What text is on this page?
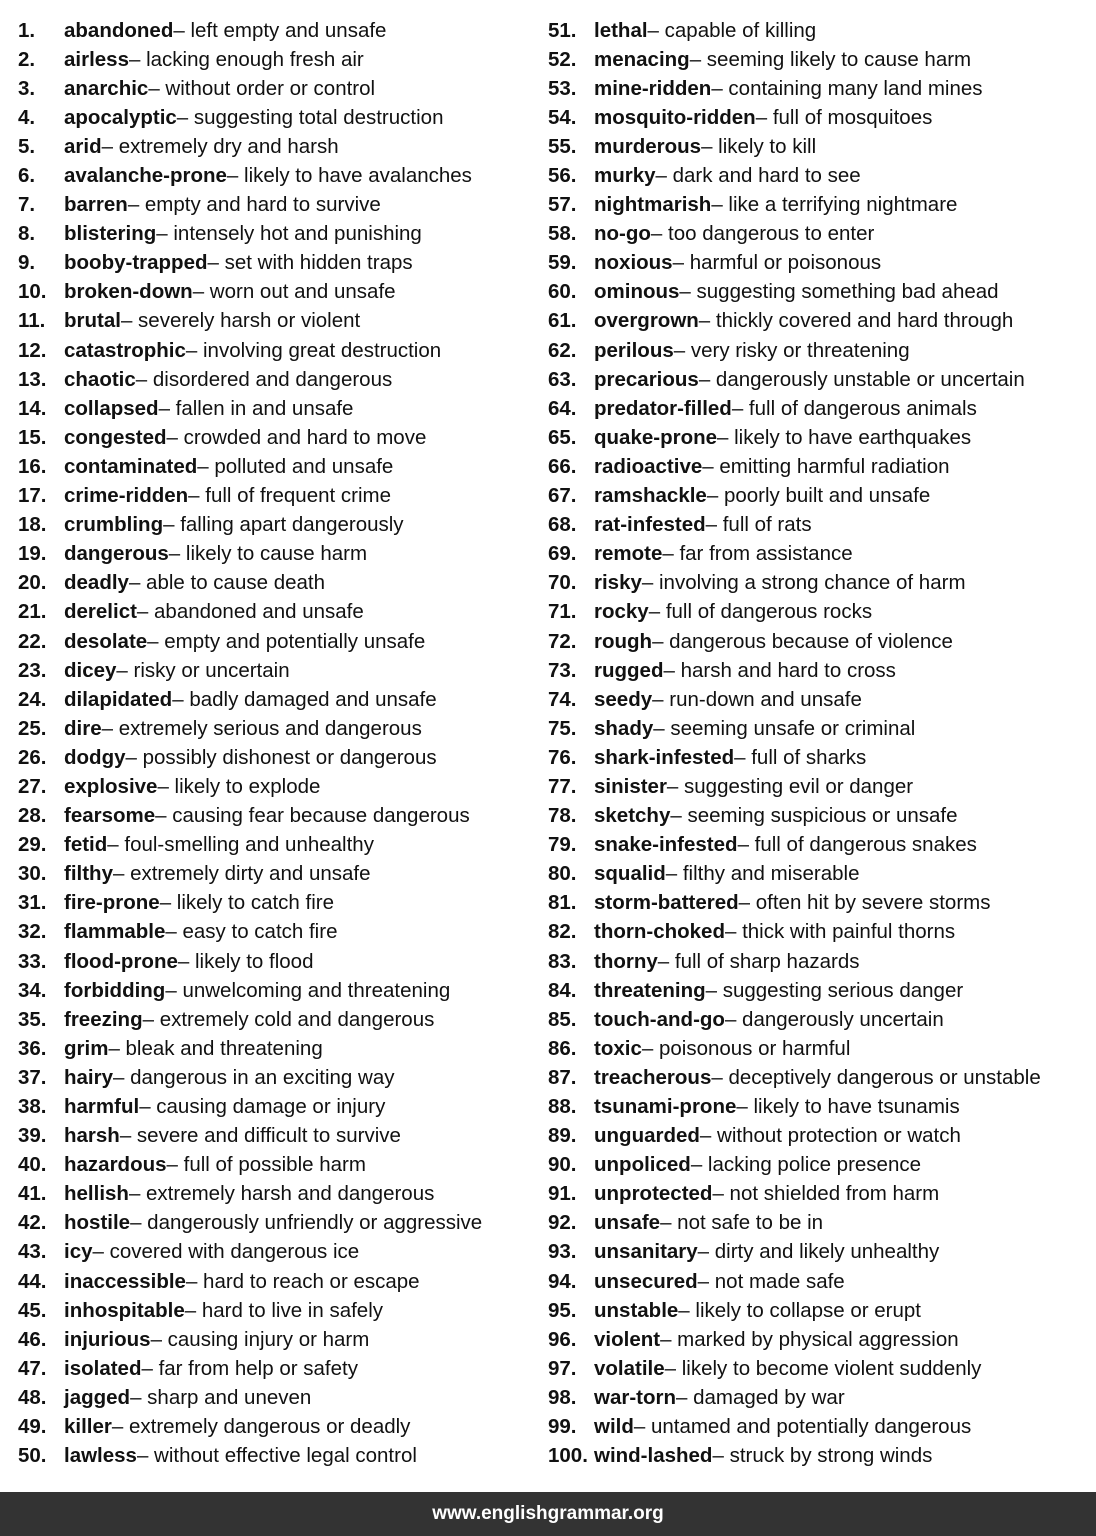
1.	abandoned – left empty and unsafe
2.	airless – lacking enough fresh air
3.	anarchic – without order or control
4.	apocalyptic – suggesting total destruction
5.	arid – extremely dry and harsh
6.	avalanche-prone – likely to have avalanches
7.	barren – empty and hard to survive
8.	blistering – intensely hot and punishing
9.	booby-trapped – set with hidden traps
10. broken-down – worn out and unsafe
11. brutal – severely harsh or violent
12. catastrophic – involving great destruction
13. chaotic – disordered and dangerous
14. collapsed – fallen in and unsafe
15. congested – crowded and hard to move
16. contaminated – polluted and unsafe
17. crime-ridden – full of frequent crime
18. crumbling – falling apart dangerously
19. dangerous – likely to cause harm
20. deadly – able to cause death
21. derelict – abandoned and unsafe
22. desolate – empty and potentially unsafe
23. dicey – risky or uncertain
24. dilapidated – badly damaged and unsafe
25. dire – extremely serious and dangerous
26. dodgy – possibly dishonest or dangerous
27. explosive – likely to explode
28. fearsome – causing fear because dangerous
29. fetid – foul-smelling and unhealthy
30. filthy – extremely dirty and unsafe
31. fire-prone – likely to catch fire
32. flammable – easy to catch fire
33. flood-prone – likely to flood
34. forbidding – unwelcoming and threatening
35. freezing – extremely cold and dangerous
36. grim – bleak and threatening
37. hairy – dangerous in an exciting way
38. harmful – causing damage or injury
39. harsh – severe and difficult to survive
40. hazardous – full of possible harm
41. hellish – extremely harsh and dangerous
42. hostile – dangerously unfriendly or aggressive
43. icy – covered with dangerous ice
44. inaccessible – hard to reach or escape
45. inhospitable – hard to live in safely
46. injurious – causing injury or harm
47. isolated – far from help or safety
48. jagged – sharp and uneven
49. killer – extremely dangerous or deadly
50. lawless – without effective legal control
51. lethal – capable of killing
52. menacing – seeming likely to cause harm
53. mine-ridden – containing many land mines
54. mosquito-ridden – full of mosquitoes
55. murderous – likely to kill
56. murky – dark and hard to see
57. nightmarish – like a terrifying nightmare
58. no-go – too dangerous to enter
59. noxious – harmful or poisonous
60. ominous – suggesting something bad ahead
61. overgrown – thickly covered and hard through
62. perilous – very risky or threatening
63. precarious – dangerously unstable or uncertain
64. predator-filled – full of dangerous animals
65. quake-prone – likely to have earthquakes
66. radioactive – emitting harmful radiation
67. ramshackle – poorly built and unsafe
68. rat-infested – full of rats
69. remote – far from assistance
70. risky – involving a strong chance of harm
71. rocky – full of dangerous rocks
72. rough – dangerous because of violence
73. rugged – harsh and hard to cross
74. seedy – run-down and unsafe
75. shady – seeming unsafe or criminal
76. shark-infested – full of sharks
77. sinister – suggesting evil or danger
78. sketchy – seeming suspicious or unsafe
79. snake-infested – full of dangerous snakes
80. squalid – filthy and miserable
81. storm-battered – often hit by severe storms
82. thorn-choked – thick with painful thorns
83. thorny – full of sharp hazards
84. threatening – suggesting serious danger
85. touch-and-go – dangerously uncertain
86. toxic – poisonous or harmful
87. treacherous – deceptively dangerous or unstable
88. tsunami-prone – likely to have tsunamis
89. unguarded – without protection or watch
90. unpoliced – lacking police presence
91. unprotected – not shielded from harm
92. unsafe – not safe to be in
93. unsanitary – dirty and likely unhealthy
94. unsecured – not made safe
95. unstable – likely to collapse or erupt
96. violent – marked by physical aggression
97. volatile – likely to become violent suddenly
98. war-torn – damaged by war
99. wild – untamed and potentially dangerous
100. wind-lashed – struck by strong winds
www.englishgrammar.org
